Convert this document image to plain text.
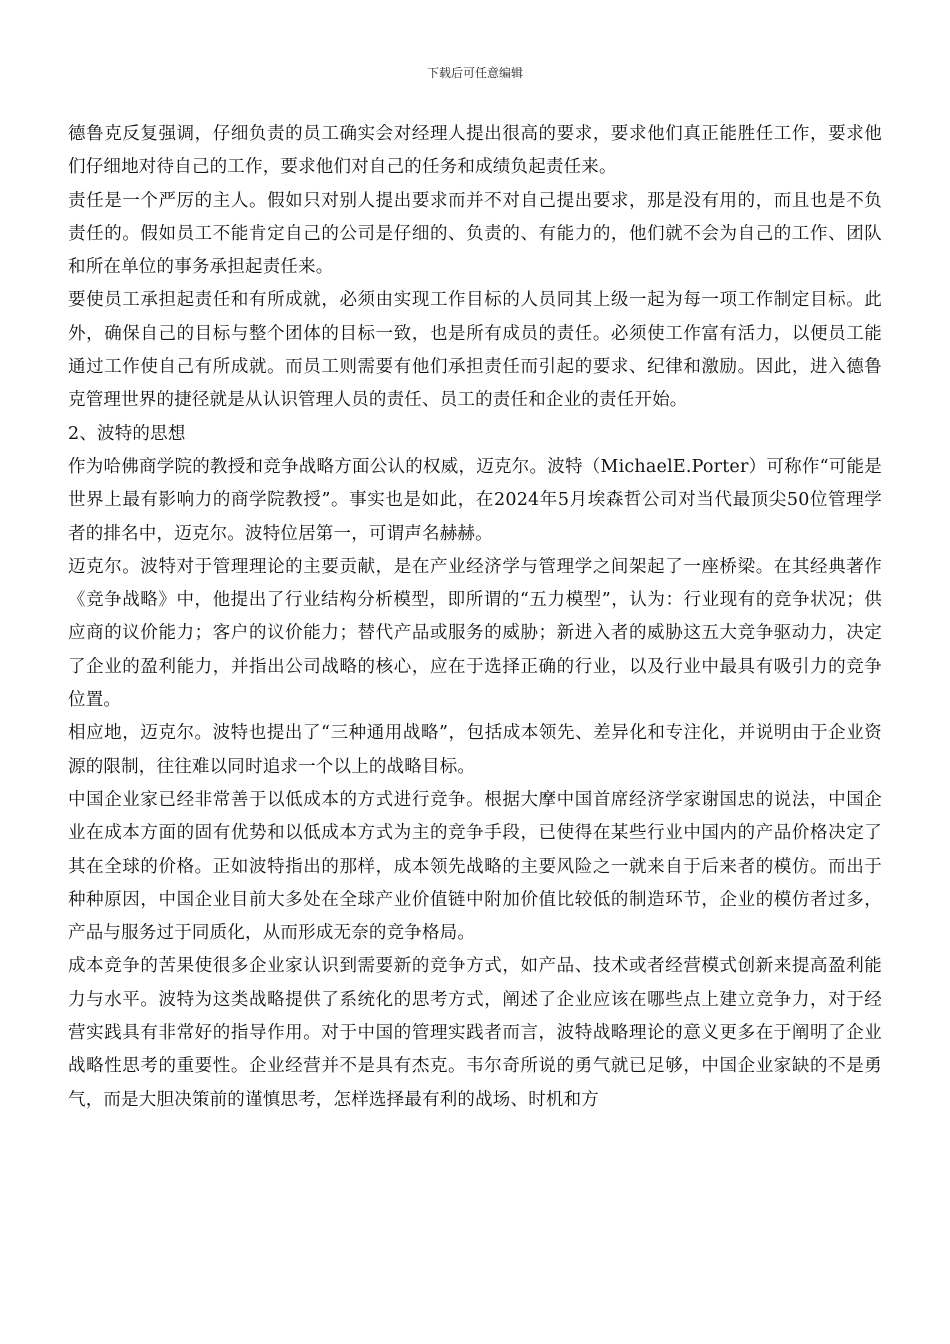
下载后可任意编辑

德鲁克反复强调，仔细负责的员工确实会对经理人提出很高的要求，要求他们真正能胜任工作，要求他们仔细地对待自己的工作，要求他们对自己的任务和成绩负起责任来。

责任是一个严厉的主人。假如只对别人提出要求而并不对自己提出要求，那是没有用的，而且也是不负责任的。假如员工不能肯定自己的公司是仔细的、负责的、有能力的，他们就不会为自己的工作、团队和所在单位的事务承担起责任来。

要使员工承担起责任和有所成就，必须由实现工作目标的人员同其上级一起为每一项工作制定目标。此外，确保自己的目标与整个团体的目标一致，也是所有成员的责任。必须使工作富有活力，以便员工能通过工作使自己有所成就。而员工则需要有他们承担责任而引起的要求、纪律和激励。因此，进入德鲁克管理世界的捷径就是从认识管理人员的责任、员工的责任和企业的责任开始。

2、波特的思想

作为哈佛商学院的教授和竞争战略方面公认的权威，迈克尔。波特（MichaelE.Porter）可称作“可能是世界上最有影响力的商学院教授”。事实也是如此，在2024年5月埃森哲公司对当代最顶尖50位管理学者的排名中，迈克尔。波特位居第一，可谓声名赫赫。

迈克尔。波特对于管理理论的主要贡献，是在产业经济学与管理学之间架起了一座桥梁。在其经典著作《竞争战略》中，他提出了行业结构分析模型，即所谓的“五力模型”，认为：行业现有的竞争状况；供应商的议价能力；客户的议价能力；替代产品或服务的威胁；新进入者的威胁这五大竞争驱动力，决定了企业的盈利能力，并指出公司战略的核心，应在于选择正确的行业，以及行业中最具有吸引力的竞争位置。

相应地，迈克尔。波特也提出了“三种通用战略”，包括成本领先、差异化和专注化，并说明由于企业资源的限制，往往难以同时追求一个以上的战略目标。

中国企业家已经非常善于以低成本的方式进行竞争。根据大摩中国首席经济学家谢国忠的说法，中国企业在成本方面的固有优势和以低成本方式为主的竞争手段，已使得在某些行业中国内的产品价格决定了其在全球的价格。正如波特指出的那样，成本领先战略的主要风险之一就来自于后来者的模仿。而出于种种原因，中国企业目前大多处在全球产业价值链中附加价值比较低的制造环节，企业的模仿者过多，产品与服务过于同质化，从而形成无奈的竞争格局。

成本竞争的苦果使很多企业家认识到需要新的竞争方式，如产品、技术或者经营模式创新来提高盈利能力与水平。波特为这类战略提供了系统化的思考方式，阐述了企业应该在哪些点上建立竞争力，对于经营实践具有非常好的指导作用。对于中国的管理实践者而言，波特战略理论的意义更多在于阐明了企业战略性思考的重要性。企业经营并不是具有杰克。韦尔奇所说的勇气就已足够，中国企业家缺的不是勇气，而是大胆决策前的谨慎思考，怎样选择最有利的战场、时机和方
